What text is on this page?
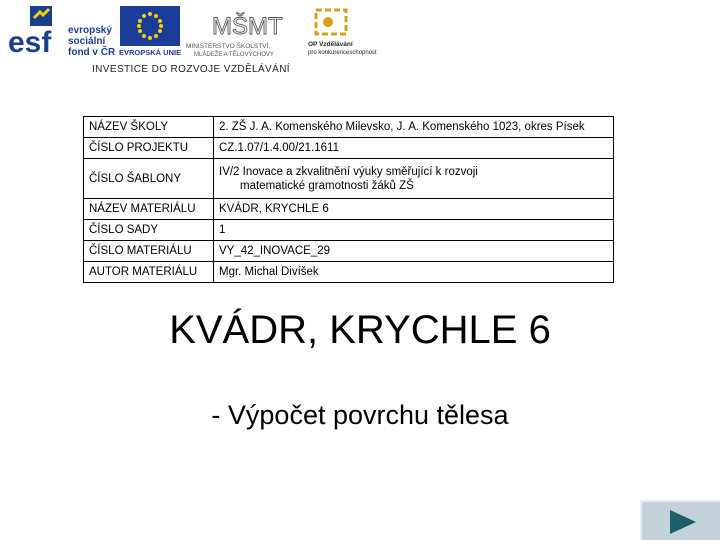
esf evropský
sociální
fond v ČR EVROPSKÁ UNIE
MŠMT
MINISTERSTVO ŠKOLSTVÍ,
MLÁDEŽE A TĚLOVÝCHOVY
OP Vzdělávání
pro konkurenceschopnost
INVESTICE DO ROZVOJE VZDĚLÁVÁNÍ
NÁZEV ŠKOLY	2. ZŠ J. A. Komenského Milevsko, J. A. Komenského 1023, okres Písek
ČÍSLO PROJEKTU	CZ.1.07/1.4.00/21.1611
ČÍSLO ŠABLONY	IV/2 Inovace a zkvalitnění výuky směřující k rozvoji
matematické gramotnosti žáků ZŠ

NÁZEV MATERIÁLU	KVÁDR, KRYCHLE 6
ČÍSLO SADY	1
ČÍSLO MATERIÁLU	VY_42_INOVACE_29
AUTOR MATERIÁLU	Mgr. Michal Divíšek
KVÁDR, KRYCHLE 6
- Výpočet povrchu tělesa
